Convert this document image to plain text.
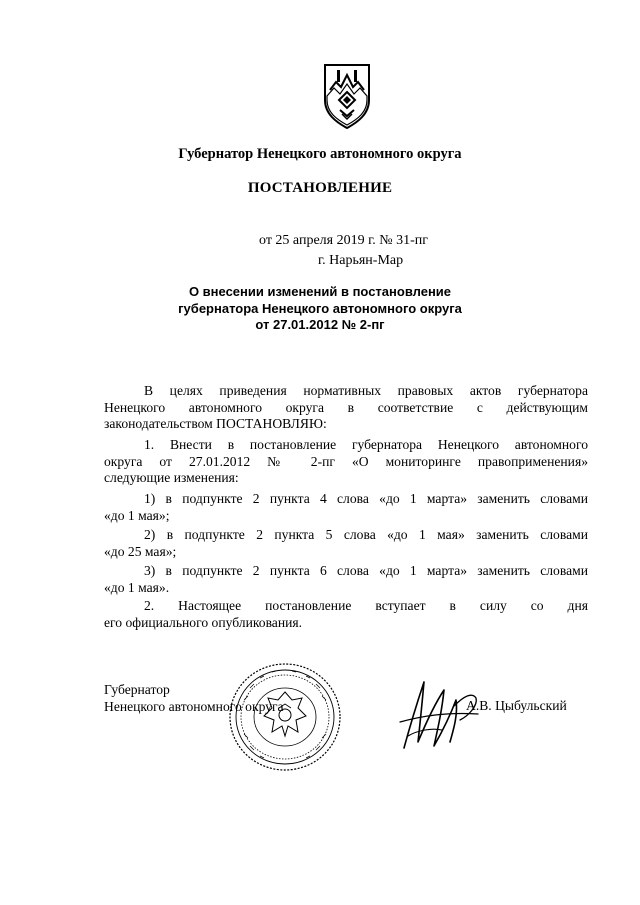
Губернатор Ненецкого автономного округа
ПОСТАНОВЛЕНИЕ
от 25 апреля 2019 г. № 31-пг
г. Нарьян-Мар
О внесении изменений в постановление
губернатора Ненецкого автономного округа
от 27.01.2012 № 2-пг
В целях приведения нормативных правовых актов губернатора
Ненецкого автономного округа в соответствие с действующим
законодательством ПОСТАНОВЛЯЮ:
1. Внести в постановление губернатора Ненецкого автономного
округа от 27.01.2012 № 2-пг «О мониторинге правоприменения»
следующие изменения:
1) в подпункте 2 пункта 4 слова «до 1 марта» заменить словами
«до 1 мая»;
2) в подпункте 2 пункта 5 слова «до 1 мая» заменить словами
«до 25 мая»;
3) в подпункте 2 пункта 6 слова «до 1 марта» заменить словами
«до 1 мая».
2. Настоящее постановление вступает в силу со дня
его официального опубликования.
Губернатор
Ненецкого автономного округа	А.В. Цыбульский
